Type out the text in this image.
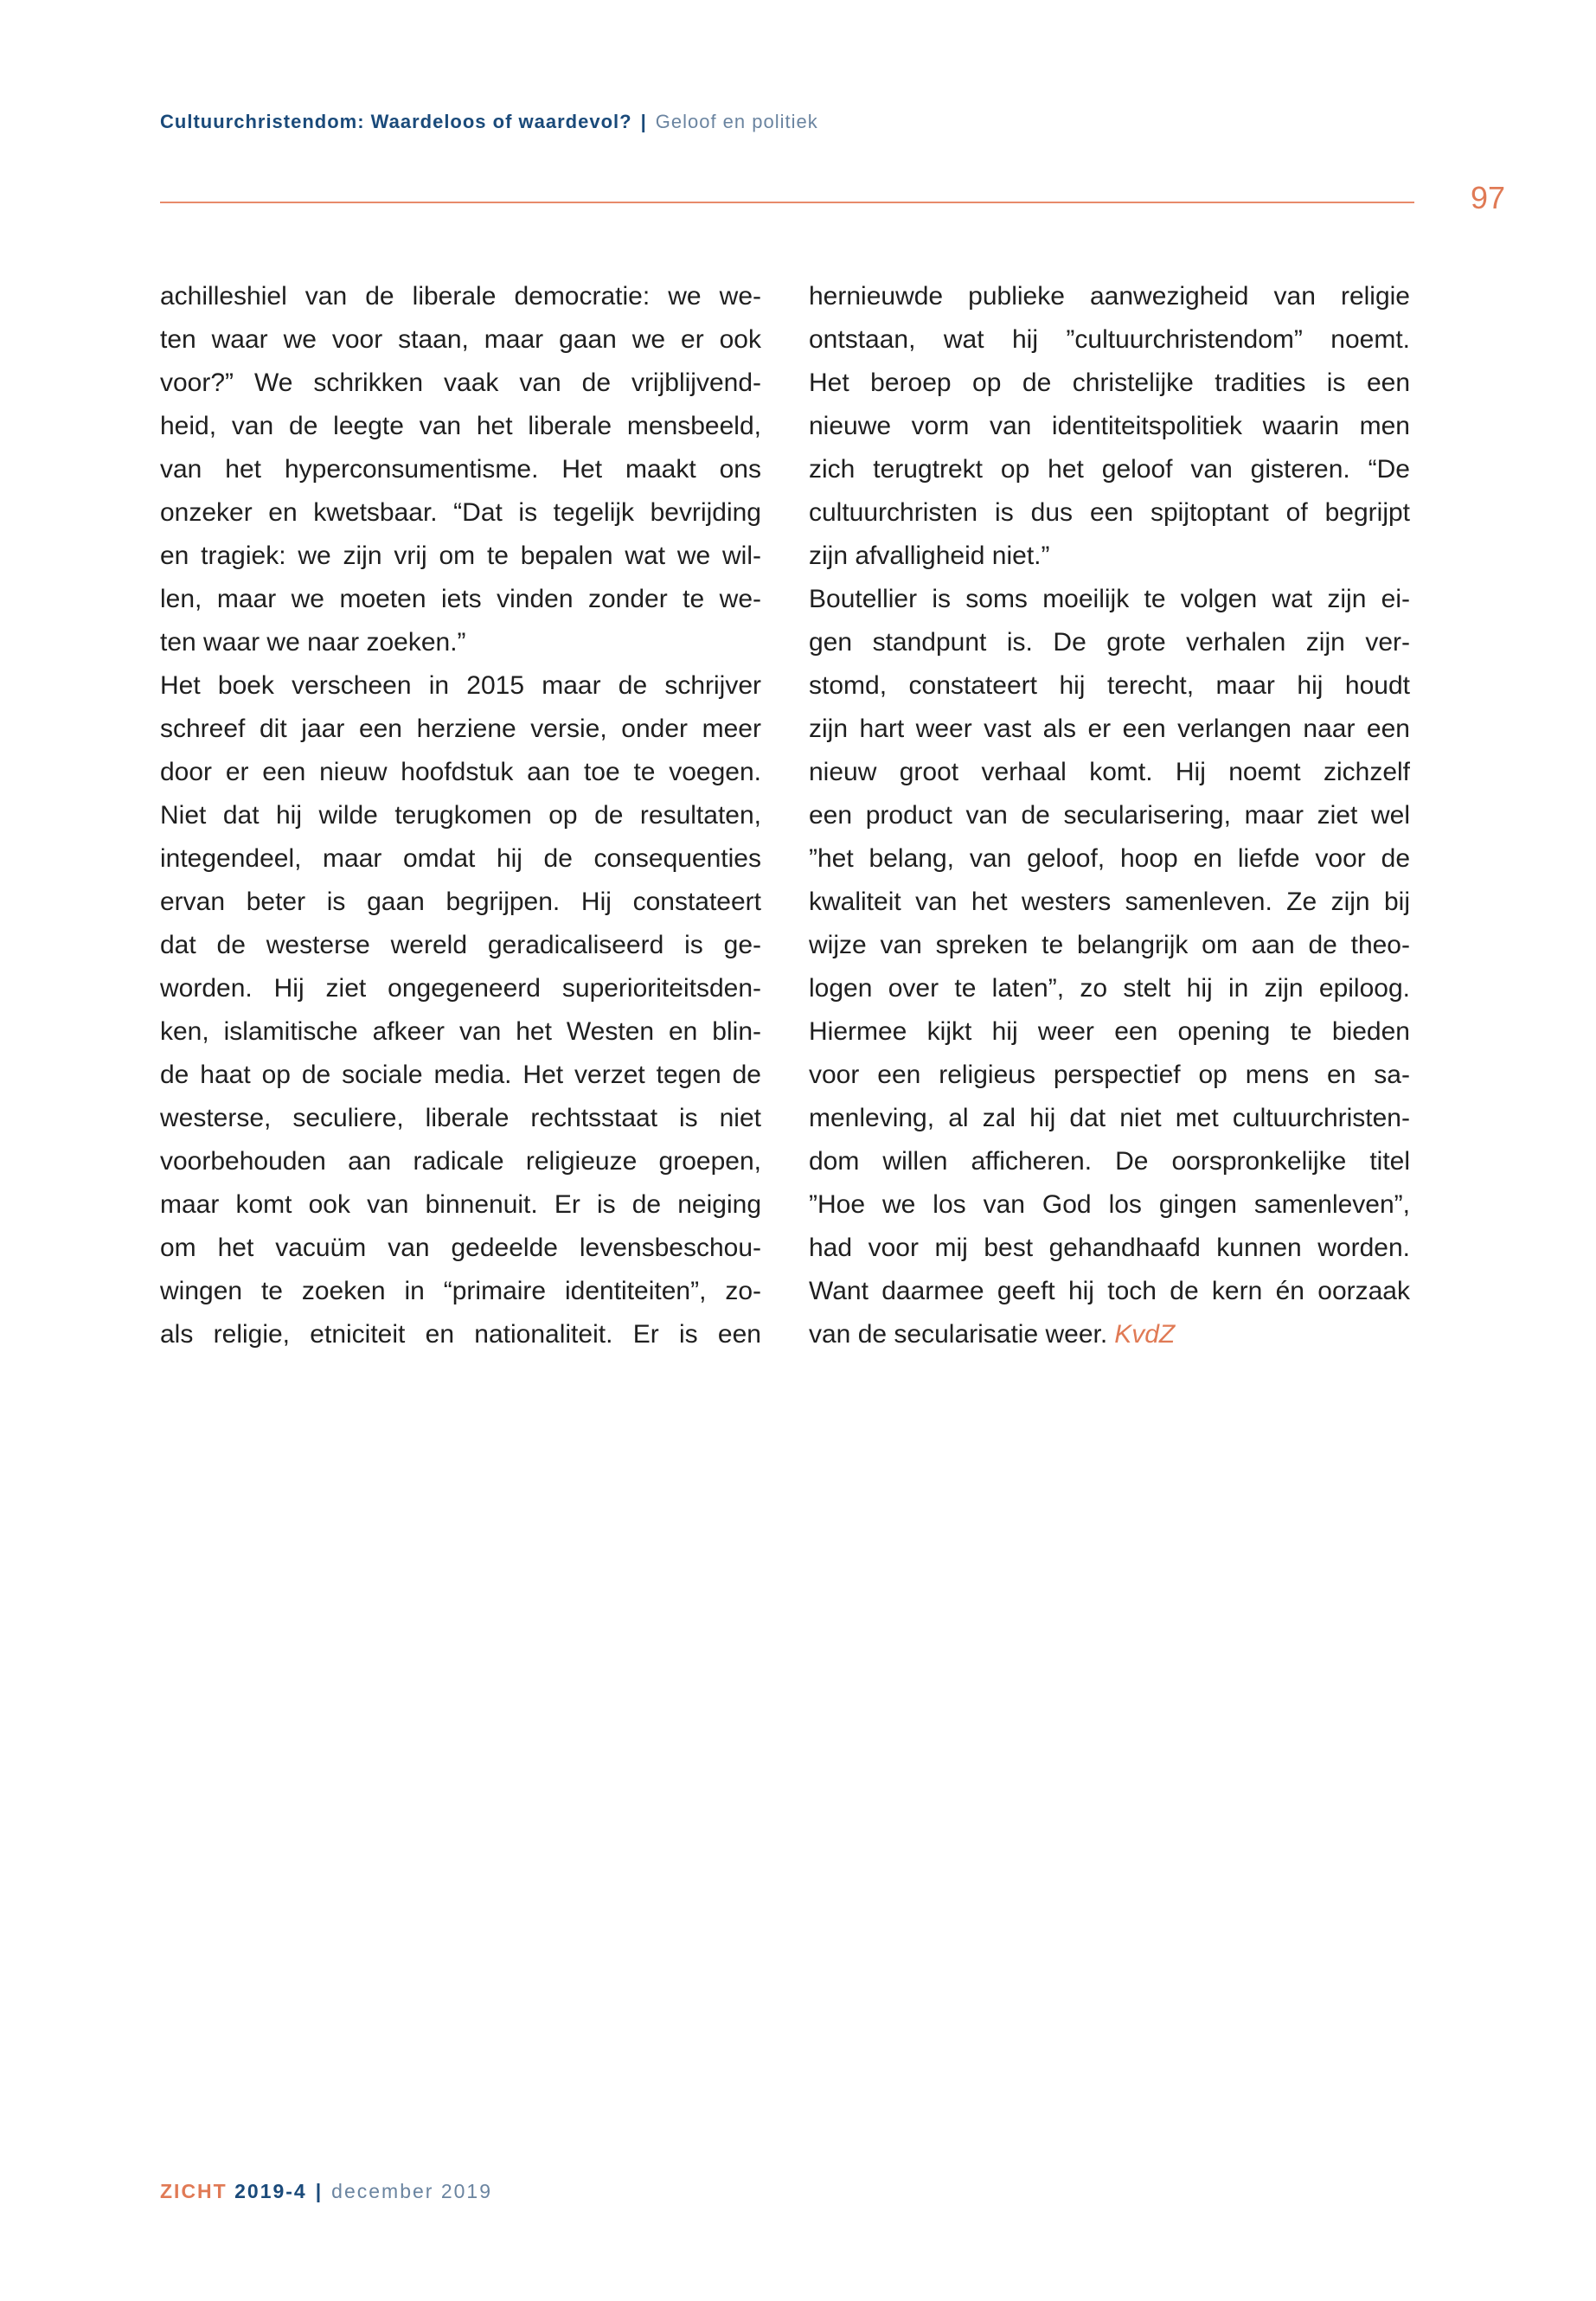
Cultuurchristendom: Waardeloos of waardevol? | Geloof en politiek
97
achilleshiel van de liberale democratie: we we-
ten waar we voor staan, maar gaan we er ook
voor?” We schrikken vaak van de vrijblijvend-
heid, van de leegte van het liberale mensbeeld,
van het hyperconsumentisme. Het maakt ons
onzeker en kwetsbaar. “Dat is tegelijk bevrijding
en tragiek: we zijn vrij om te bepalen wat we wil-
len, maar we moeten iets vinden zonder te we-
ten waar we naar zoeken.”
Het boek verscheen in 2015 maar de schrijver
schreef dit jaar een herziene versie, onder meer
door er een nieuw hoofdstuk aan toe te voegen.
Niet dat hij wilde terugkomen op de resultaten,
integendeel, maar omdat hij de consequenties
ervan beter is gaan begrijpen. Hij constateert
dat de westerse wereld geradicaliseerd is ge-
worden. Hij ziet ongegeneerd superioriteitsden-
ken, islamitische afkeer van het Westen en blin-
de haat op de sociale media. Het verzet tegen de
westerse, seculiere, liberale rechtsstaat is niet
voorbehouden aan radicale religieuze groepen,
maar komt ook van binnenuit. Er is de neiging
om het vacuüm van gedeelde levensbeschou-
wingen te zoeken in “primaire identiteiten”, zo-
als religie, etniciteit en nationaliteit. Er is een
hernieuwde publieke aanwezigheid van religie
ontstaan, wat hij ”cultuurchristendom” noemt.
Het beroep op de christelijke tradities is een
nieuwe vorm van identiteitspolitiek waarin men
zich terugtrekt op het geloof van gisteren. “De
cultuurchristen is dus een spijtoptant of begrijpt
zijn afvalligheid niet.”
Boutellier is soms moeilijk te volgen wat zijn ei-
gen standpunt is. De grote verhalen zijn ver-
stomd, constateert hij terecht, maar hij houdt
zijn hart weer vast als er een verlangen naar een
nieuw groot verhaal komt. Hij noemt zichzelf
een product van de secularisering, maar ziet wel
”het belang, van geloof, hoop en liefde voor de
kwaliteit van het westers samenleven. Ze zijn bij
wijze van spreken te belangrijk om aan de theo-
logen over te laten”, zo stelt hij in zijn epiloog.
Hiermee kijkt hij weer een opening te bieden
voor een religieus perspectief op mens en sa-
menleving, al zal hij dat niet met cultuurchristen-
dom willen afficheren. De oorspronkelijke titel
”Hoe we los van God los gingen samenleven”,
had voor mij best gehandhaafd kunnen worden.
Want daarmee geeft hij toch de kern én oorzaak
van de secularisatie weer. KvdZ
ZICHT 2019-4 | december 2019
